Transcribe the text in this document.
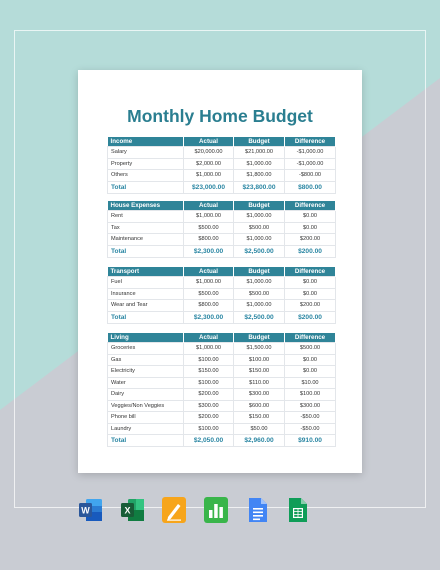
Monthly Home Budget
Income	Actual	Budget	Difference
Salary	$20,000.00	$21,000.00	-$1,000.00
Property	$2,000.00	$1,000.00	-$1,000.00
Others	$1,000.00	$1,800.00	-$800.00
Total	$23,000.00	$23,800.00	$800.00
House Expenses	Actual	Budget	Difference
Rent	$1,000.00	$1,000.00	$0.00
Tax	$500.00	$500.00	$0.00
Maintenance	$800.00	$1,000.00	$200.00
Total	$2,300.00	$2,500.00	$200.00
Transport	Actual	Budget	Difference
Fuel	$1,000.00	$1,000.00	$0.00
Insurance	$500.00	$500.00	$0.00
Wear and Tear	$800.00	$1,000.00	$200.00
Total	$2,300.00	$2,500.00	$200.00
Living	Actual	Budget	Difference
Groceries	$1,000.00	$1,500.00	$500.00
Gas	$100.00	$100.00	$0.00
Electricity	$150.00	$150.00	$0.00
Water	$100.00	$110.00	$10.00
Dairy	$200.00	$300.00	$100.00
Veggies/Non Veggies	$300.00	$600.00	$300.00
Phone bill	$200.00	$150.00	-$50.00
Laundry	$100.00	$50.00	-$50.00
Total	$2,050.00	$2,960.00	$910.00
W	X
